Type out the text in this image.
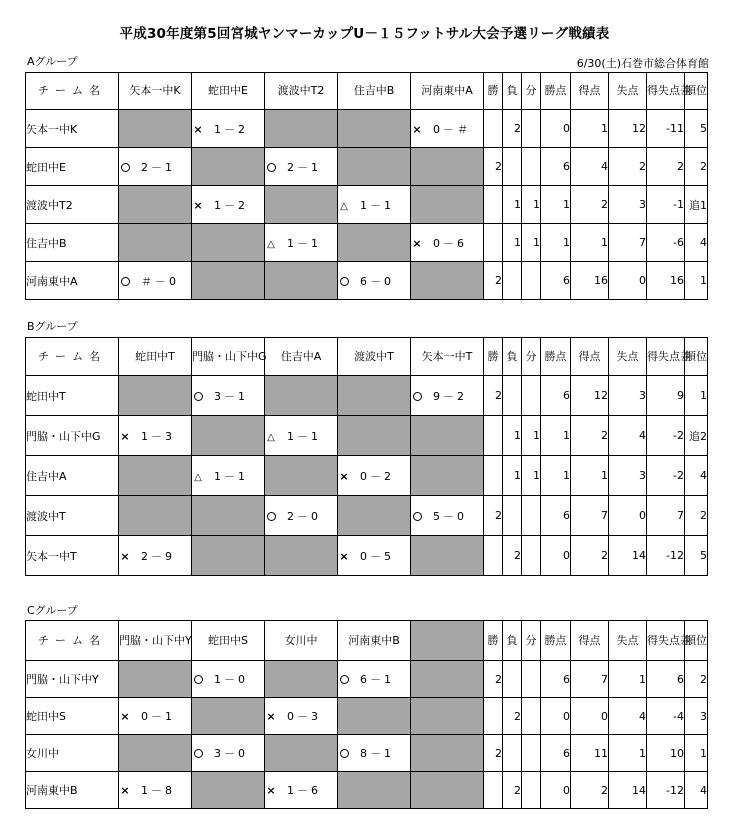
平成30年度第5回宮城ヤンマーカップU－１５フットサル大会予選リーグ戦績表
6/30(土)石巻市総合体育館
Aグループ
チーム名	矢本一中K	蛇田中E	渡波中T2	住吉中B	河南東中A	勝	負	分	勝点	得点	失点	得失点差	順位
矢本一中K		× 1－2			× 0－＃		2		0	1	12	-11	5
蛇田中E	2－1		2－1			2			6	4	2	2	2
渡波中T2		× 1－2		△ 1－1			1	1	1	2	3	-1	追1
住吉中B			△ 1－1		× 0－6		1	1	1	1	7	-6	4
河南東中A	＃－0			6－0		2			6	16	0	16	1
Bグループ
チーム名	蛇田中T	門脇・山下中G	住吉中A	渡波中T	矢本一中T	勝	負	分	勝点	得点	失点	得失点差	順位
蛇田中T		3－1			9－2	2			6	12	3	9	1
門脇・山下中G	× 1－3		△ 1－1				1	1	1	2	4	-2	追2
住吉中A		△ 1－1		× 0－2			1	1	1	1	3	-2	4
渡波中T			2－0		5－0	2			6	7	0	7	2
矢本一中T	× 2－9			× 0－5			2		0	2	14	-12	5
Cグループ
チーム名	門脇・山下中Y	蛇田中S	女川中	河南東中B		勝	負	分	勝点	得点	失点	得失点差	順位
門脇・山下中Y		1－0		6－1		2			6	7	1	6	2
蛇田中S	× 0－1		× 0－3				2		0	0	4	-4	3
女川中		3－0		8－1		2			6	11	1	10	1
河南東中B	× 1－8		× 1－6				2		0	2	14	-12	4
